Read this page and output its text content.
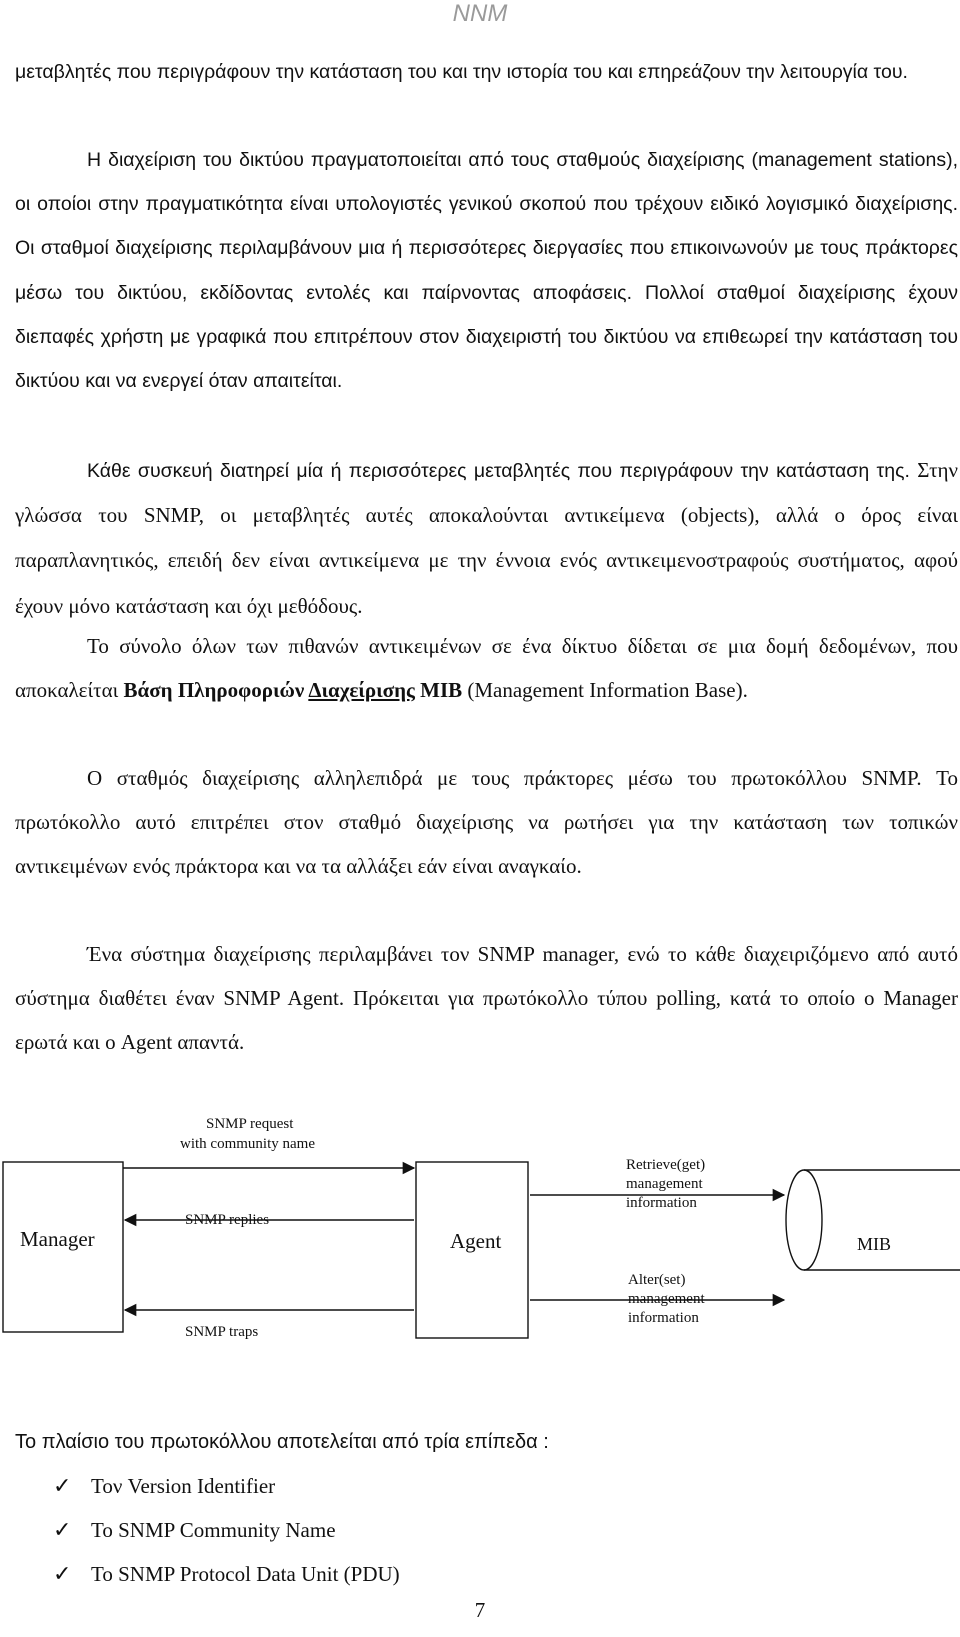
NNM

μεταβλητές που περιγράφουν την κατάσταση του και την ιστορία του και επηρεάζουν την λειτουργία του.

Η διαχείριση του δικτύου πραγματοποιείται από τους σταθμούς διαχείρισης (management stations), οι οποίοι στην πραγματικότητα είναι υπολογιστές γενικού σκοπού που τρέχουν ειδικό λογισμικό διαχείρισης. Οι σταθμοί διαχείρισης περιλαμβάνουν μια ή περισσότερες διεργασίες που επικοινωνούν με τους πράκτορες μέσω του δικτύου, εκδίδοντας εντολές και παίρνοντας αποφάσεις. Πολλοί σταθμοί διαχείρισης έχουν διεπαφές χρήστη με γραφικά που επιτρέπουν στον διαχειριστή του δικτύου να επιθεωρεί την κατάσταση του δικτύου και να ενεργεί όταν απαιτείται.

Κάθε συσκευή διατηρεί μία ή περισσότερες μεταβλητές που περιγράφουν την κατάσταση της. Στην γλώσσα του SNMP, οι μεταβλητές αυτές αποκαλούνται αντικείμενα (objects), αλλά ο όρος είναι παραπλανητικός, επειδή δεν είναι αντικείμενα με την έννοια ενός αντικειμενοστραφούς συστήματος, αφού έχουν μόνο κατάσταση και όχι μεθόδους.

Το σύνολο όλων των πιθανών αντικειμένων σε ένα δίκτυο δίδεται σε μια δομή δεδομένων, που αποκαλείται Βάση Πληροφοριών Διαχείρισης MIB (Management Information Base).

Ο σταθμός διαχείρισης αλληλεπιδρά με τους πράκτορες μέσω του πρωτοκόλλου SNMP. Το πρωτόκολλο αυτό επιτρέπει στον σταθμό διαχείρισης να ρωτήσει για την κατάσταση των τοπικών αντικειμένων ενός πράκτορα και να τα αλλάξει εάν είναι αναγκαίο.

Ένα σύστημα διαχείρισης περιλαμβάνει τον SNMP manager, ενώ το κάθε διαχειριζόμενο από αυτό σύστημα διαθέτει έναν SNMP Agent. Πρόκειται για πρωτόκολλο τύπου polling, κατά το οποίο ο Manager ερωτά και ο Agent απαντά.

Manager	Agent	MIB
SNMP request
with community name
SNMP replies
SNMP traps
Retrieve(get)
management
information
Alter(set)
management
information
Το πλαίσιο του πρωτοκόλλου αποτελείται από τρία επίπεδα :
✓ Τον Version Identifier
✓ To SNMP Community Name
✓ To SNMP Protocol Data Unit (PDU)
7
